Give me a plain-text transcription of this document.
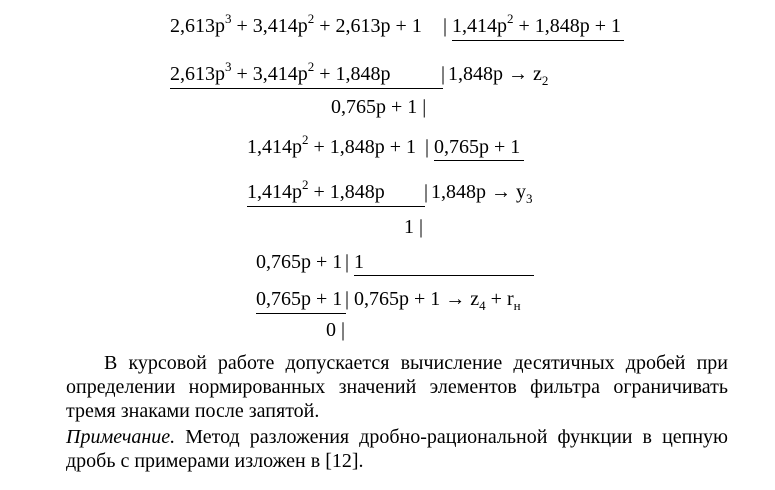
$2,613p^3 + 3,414p^2 + 2,613p + 1$ | $1,414p^2 + 1,848p + 1$
$2,613p^3 + 3,414p^2 + 1,848p$	| $1,848p \to z_2$
0,765p + 1 |
$1,414p^2 + 1,848p + 1$ | 0,765p + 1
$1,414p^2 + 1,848p$ | $1,848p \to y_3$
1 |
0,765p + 1 | 1
0,765p + 1 | $0,765p + 1 \to z_4 + r_н$
0 |
В курсовой работе допускается вычисление десятичных дробей при определении нормированных значений элементов фильтра ограничивать тремя знаками после запятой.
Примечание. Метод разложения дробно-рациональной функции в цепную дробь с примерами изложен в [12].
